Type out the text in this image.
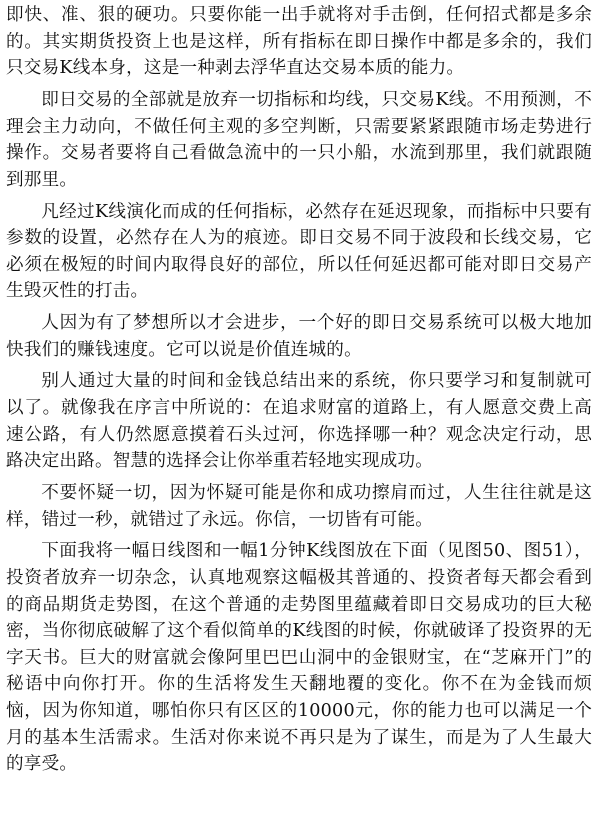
即快、准、狠的硬功。只要你能一出手就将对手击倒，任何招式都是多余的。其实期货投资上也是这样，所有指标在即日操作中都是多余的，我们只交易K线本身，这是一种剥去浮华直达交易本质的能力。

即日交易的全部就是放弃一切指标和均线，只交易K线。不用预测，不理会主力动向，不做任何主观的多空判断，只需要紧紧跟随市场走势进行操作。交易者要将自己看做急流中的一只小船，水流到那里，我们就跟随到那里。

凡经过K线演化而成的任何指标，必然存在延迟现象，而指标中只要有参数的设置，必然存在人为的痕迹。即日交易不同于波段和长线交易，它必须在极短的时间内取得良好的部位，所以任何延迟都可能对即日交易产生毁灭性的打击。

人因为有了梦想所以才会进步，一个好的即日交易系统可以极大地加快我们的赚钱速度。它可以说是价值连城的。

别人通过大量的时间和金钱总结出来的系统，你只要学习和复制就可以了。就像我在序言中所说的：在追求财富的道路上，有人愿意交费上高速公路，有人仍然愿意摸着石头过河，你选择哪一种？观念决定行动，思路决定出路。智慧的选择会让你举重若轻地实现成功。

不要怀疑一切，因为怀疑可能是你和成功擦肩而过，人生往往就是这样，错过一秒，就错过了永远。你信，一切皆有可能。

下面我将一幅日线图和一幅1分钟K线图放在下面（见图50、图51），投资者放弃一切杂念，认真地观察这幅极其普通的、投资者每天都会看到的商品期货走势图，在这个普通的走势图里蕴藏着即日交易成功的巨大秘密，当你彻底破解了这个看似简单的K线图的时候，你就破译了投资界的无字天书。巨大的财富就会像阿里巴巴山洞中的金银财宝，在“芝麻开门”的秘语中向你打开。你的生活将发生天翻地覆的变化。你不在为金钱而烦恼，因为你知道，哪怕你只有区区的10000元，你的能力也可以满足一个月的基本生活需求。生活对你来说不再只是为了谋生，而是为了人生最大的享受。
